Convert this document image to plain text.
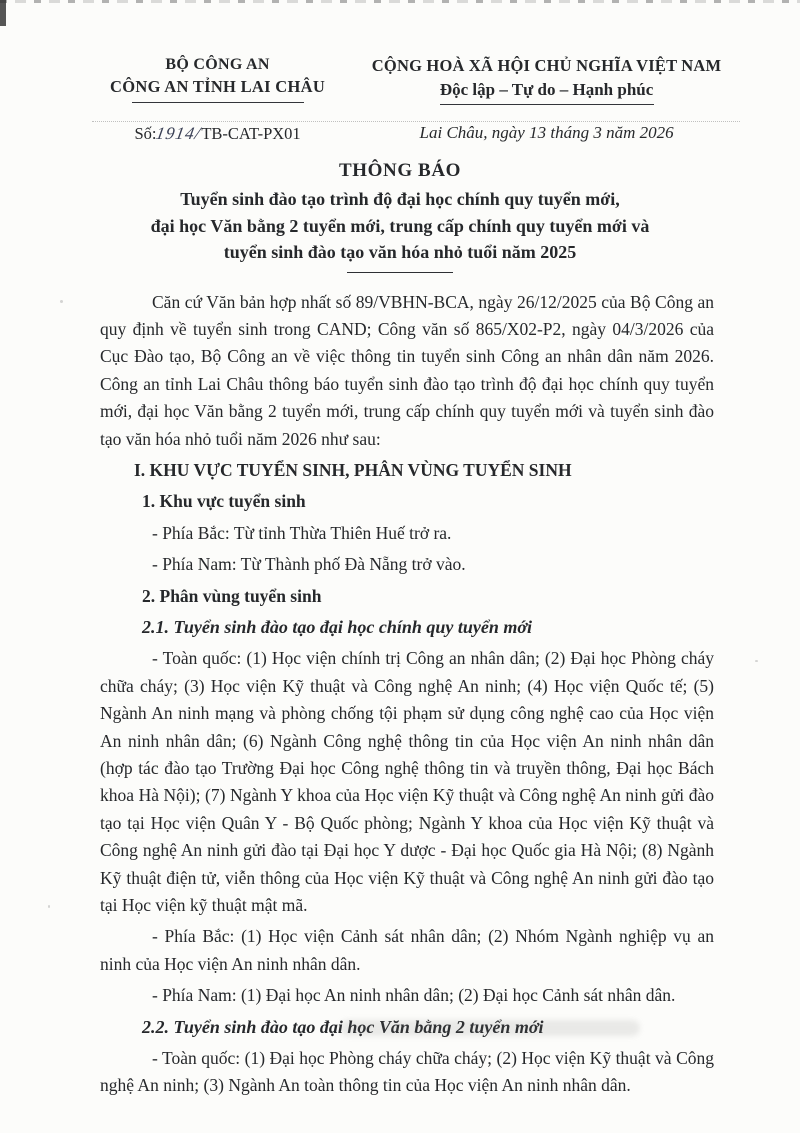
BỘ CÔNG AN
CÔNG AN TỈNH LAI CHÂU
CỘNG HOÀ XÃ HỘI CHỦ NGHĨA VIỆT NAM
Độc lập – Tự do – Hạnh phúc
Số:1914/TB-CAT-PX01	Lai Châu, ngày 13 tháng 3 năm 2026
THÔNG BÁO
Tuyển sinh đào tạo trình độ đại học chính quy tuyển mới,
đại học Văn bằng 2 tuyển mới, trung cấp chính quy tuyển mới và
tuyển sinh đào tạo văn hóa nhỏ tuổi năm 2025

Căn cứ Văn bản hợp nhất số 89/VBHN-BCA, ngày 26/12/2025 của Bộ Công an quy định về tuyển sinh trong CAND; Công văn số 865/X02-P2, ngày 04/3/2026 của Cục Đào tạo, Bộ Công an về việc thông tin tuyển sinh Công an nhân dân năm 2026. Công an tỉnh Lai Châu thông báo tuyển sinh đào tạo trình độ đại học chính quy tuyển mới, đại học Văn bằng 2 tuyển mới, trung cấp chính quy tuyển mới và tuyển sinh đào tạo văn hóa nhỏ tuổi năm 2026 như sau:

I. KHU VỰC TUYỂN SINH, PHÂN VÙNG TUYỂN SINH

1. Khu vực tuyển sinh

- Phía Bắc: Từ tỉnh Thừa Thiên Huế trở ra.

- Phía Nam: Từ Thành phố Đà Nẵng trở vào.

2. Phân vùng tuyển sinh

2.1. Tuyển sinh đào tạo đại học chính quy tuyển mới

- Toàn quốc: (1) Học viện chính trị Công an nhân dân; (2) Đại học Phòng cháy chữa cháy; (3) Học viện Kỹ thuật và Công nghệ An ninh; (4) Học viện Quốc tế; (5) Ngành An ninh mạng và phòng chống tội phạm sử dụng công nghệ cao của Học viện An ninh nhân dân; (6) Ngành Công nghệ thông tin của Học viện An ninh nhân dân (hợp tác đào tạo Trường Đại học Công nghệ thông tin và truyền thông, Đại học Bách khoa Hà Nội); (7) Ngành Y khoa của Học viện Kỹ thuật và Công nghệ An ninh gửi đào tạo tại Học viện Quân Y - Bộ Quốc phòng; Ngành Y khoa của Học viện Kỹ thuật và Công nghệ An ninh gửi đào tại Đại học Y dược - Đại học Quốc gia Hà Nội; (8) Ngành Kỹ thuật điện tử, viễn thông của Học viện Kỹ thuật và Công nghệ An ninh gửi đào tạo tại Học viện kỹ thuật mật mã.

- Phía Bắc: (1) Học viện Cảnh sát nhân dân; (2) Nhóm Ngành nghiệp vụ an ninh của Học viện An ninh nhân dân.

- Phía Nam: (1) Đại học An ninh nhân dân; (2) Đại học Cảnh sát nhân dân.

2.2. Tuyển sinh đào tạo đại học Văn bằng 2 tuyển mới

- Toàn quốc: (1) Đại học Phòng cháy chữa cháy; (2) Học viện Kỹ thuật và Công nghệ An ninh; (3) Ngành An toàn thông tin của Học viện An ninh nhân dân.
